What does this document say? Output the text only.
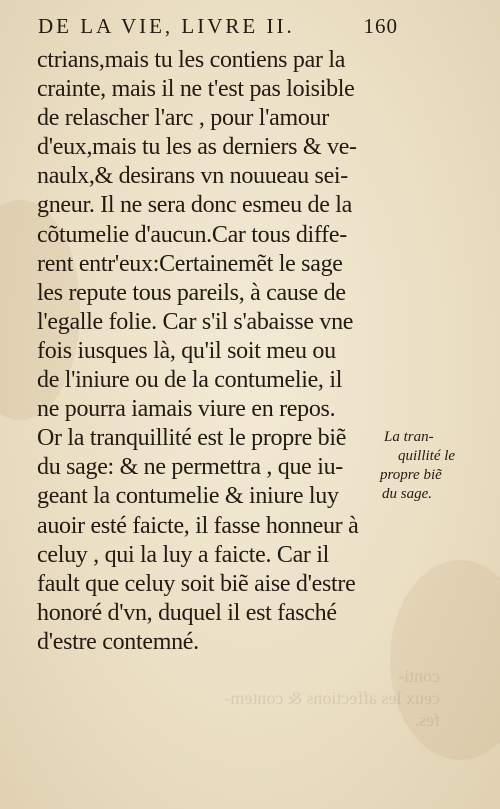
DE LA VIE, LIVRE II.	160
ctrians,mais tu les contiens par la
crainte, mais il ne t'est pas loisible
de relascher l'arc , pour l'amour
d'eux,mais tu les as derniers & ve-
naulx,& desirans vn nouueau sei-
gneur. Il ne sera donc esmeu de la
cõtumelie d'aucun.Car tous diffe-
rent entr'eux:Certainemẽt le sage
les repute tous pareils, à cause de
l'egalle folie. Car s'il s'abaisse vne
fois iusques là, qu'il soit meu ou
de l'iniure ou de la contumelie, il
ne pourra iamais viure en repos.
Or la tranquillité est le propre biẽ
du sage: & ne permettra , que iu-
geant la contumelie & iniure luy
auoir esté faicte, il fasse honneur à
celuy , qui la luy a faicte. Car il
fault que celuy soit biẽ aise d'estre
honoré d'vn, duquel il est fasché
d'estre contemné.
La tran-
quillité le
propre biẽ
du sage.
conti-
ceux les affections & contem-
fes.
